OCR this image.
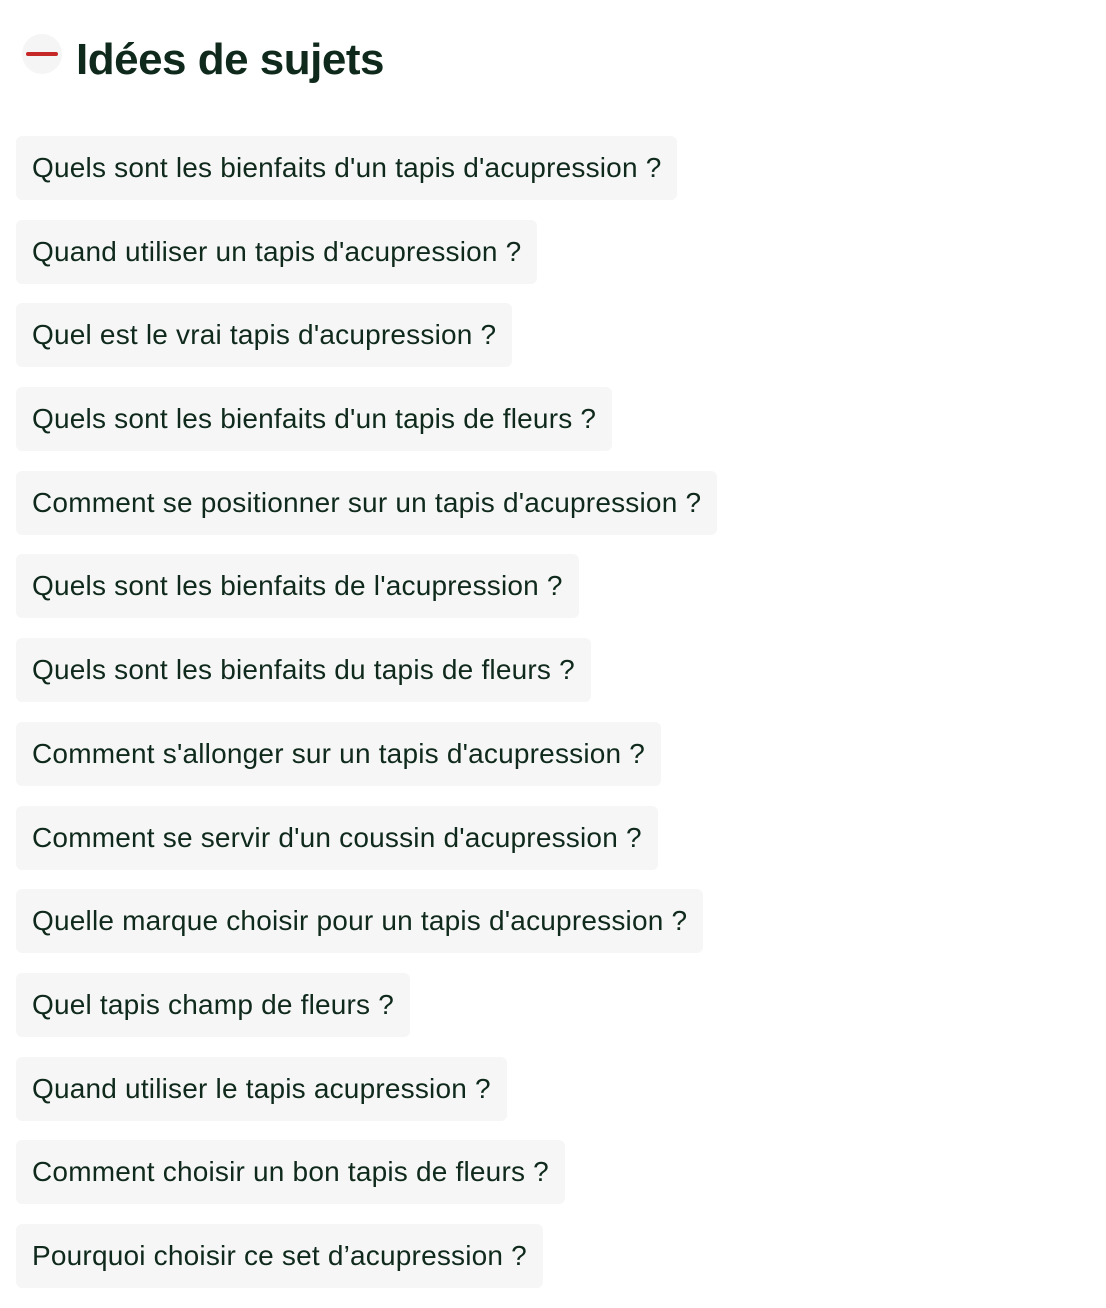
Idées de sujets
Quels sont les bienfaits d'un tapis d'acupression ?
Quand utiliser un tapis d'acupression ?
Quel est le vrai tapis d'acupression ?
Quels sont les bienfaits d'un tapis de fleurs ?
Comment se positionner sur un tapis d'acupression ?
Quels sont les bienfaits de l'acupression ?
Quels sont les bienfaits du tapis de fleurs ?
Comment s'allonger sur un tapis d'acupression ?
Comment se servir d'un coussin d'acupression ?
Quelle marque choisir pour un tapis d'acupression ?
Quel tapis champ de fleurs ?
Quand utiliser le tapis acupression ?
Comment choisir un bon tapis de fleurs ?
Pourquoi choisir ce set d’acupression ?
